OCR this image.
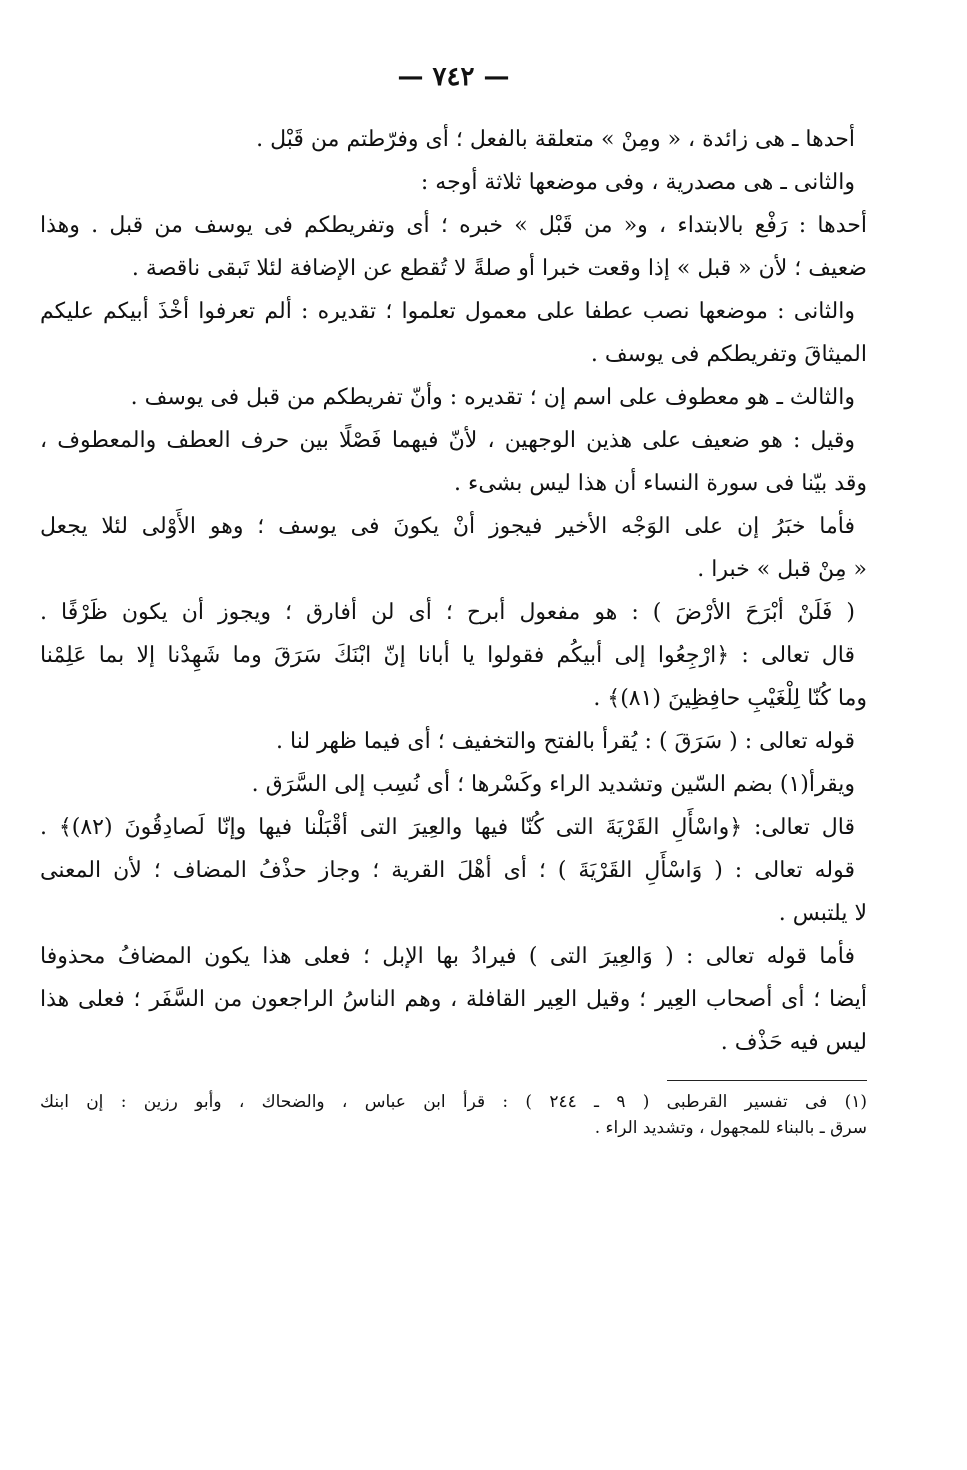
— ٧٤٢ —
أحدها ـ هى زائدة ، « ومِنْ » متعلقة بالفعل ؛ أى وفرّطتم من قَبْل .
والثانى ـ هى مصدرية ، وفى موضعها ثلاثة أوجه :
أحدها : رَفْع بالابتداء ، و« من قَبْل » خبره ؛ أى وتفريطكم فى يوسف من قبل . وهذا
ضعيف ؛ لأن « قبل » إذا وقعت خبرا أو صلةً لا تُقطع عن الإضافة لئلا تَبقى ناقصة .
والثانى : موضعها نصب عطفا على معمول تعلموا ؛ تقديره : ألم تعرفوا أخْذَ أبيكم عليكم
الميثاقَ وتفريطكم فى يوسف .
والثالث ـ هو معطوف على اسم إن ؛ تقديره : وأنّ تفريطكم من قبل فى يوسف .
وقيل : هو ضعيف على هذين الوجهين ، لأنّ فيهما فَصْلًا بين حرف العطف والمعطوف ،
وقد بيّنا فى سورة النساء أن هذا ليس بشىء .
فأما خبَرُ إن على الوَجْه الأخير فيجوز أنْ يكونَ فى يوسف ؛ وهو الأَوْلى لئلا يجعل
« مِنْ قبل » خبرا .
( فَلَنْ أبْرَحَ الأرْضَ ) : هو مفعول أبرح ؛ أى لن أفارق ؛ ويجوز أن يكون ظَرْفًا .
قال تعالى : ﴿ارْجِعُوا إلى أبيكُم فقولوا يا أبانا إنّ ابْنَكَ سَرَقَ وما شَهِدْنا إلا بما عَلِمْنا
وما كُنّا لِلْغَيْبِ حافِظِينَ (٨١)﴾ .
قوله تعالى : ( سَرَقَ ) : يُقرأ بالفتح والتخفيف ؛ أى فيما ظهر لنا .
ويقرأ(١) بضم السّين وتشديد الراء وكَسْرها ؛ أى نُسِب إلى السَّرَق .
قال تعالى: ﴿واسْأَلِ القَرْيَةَ التى كُنّا فيها والعِيرَ التى أقْبَلْنا فيها وإنّا لَصادِقُونَ (٨٢)﴾ .
قوله تعالى : ( وَاسْأَلِ القَرْيَةَ ) ؛ أى أهْلَ القرية ؛ وجاز حذْفُ المضاف ؛ لأن المعنى
لا يلتبس .
فأما قوله تعالى : ( وَالعِيرَ التى ) فيرادُ بها الإبل ؛ فعلى هذا يكون المضافُ محذوفا
أيضا ؛ أى أصحاب العِير ؛ وقيل العِير القافلة ، وهم الناسُ الراجعون من السَّفَر ؛ فعلى هذا
ليس فيه حَذْف .
(١) فى تفسير القرطبى ( ٩ ـ ٢٤٤ ) : قرأ ابن عباس ، والضحاك ، وأبو رزين : إن ابنك
سرق ـ بالبناء للمجهول ، وتشديد الراء .
